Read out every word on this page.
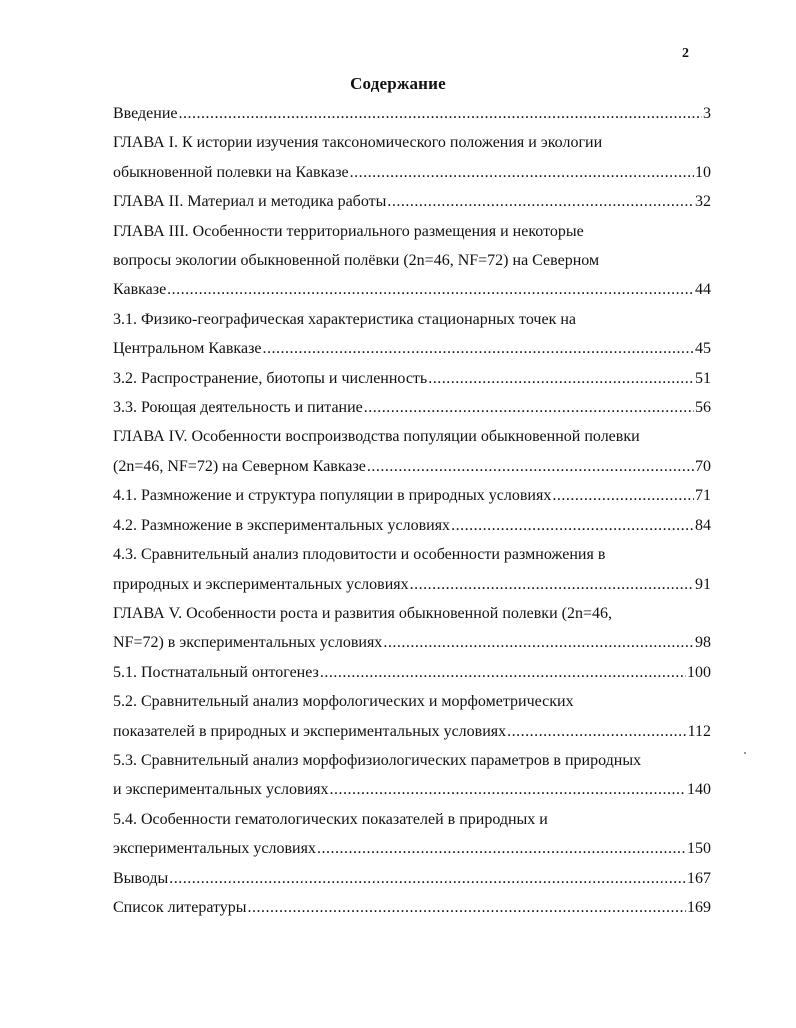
2
Содержание
Введение .....	3
ГЛАВА I. К истории изучения таксономического положения и экологии
обыкновенной полевки на Кавказе .....	10
ГЛАВА II. Материал и методика работы .....	32
ГЛАВА III. Особенности территориального размещения и некоторые
вопросы экологии обыкновенной полёвки (2n=46, NF=72) на Северном
Кавказе .....	44
3.1. Физико-географическая характеристика стационарных точек на
Центральном Кавказе .....	45
3.2. Распространение, биотопы и численность .....	51
3.3. Роющая деятельность и питание .....	56
ГЛАВА IV. Особенности воспроизводства популяции обыкновенной полевки
(2n=46, NF=72) на Северном Кавказе .....	70
4.1. Размножение и структура популяции в природных условиях .....	71
4.2. Размножение в экспериментальных условиях .....	84
4.3. Сравнительный анализ плодовитости и особенности размножения в
природных и экспериментальных условиях .....	91
ГЛАВА V. Особенности роста и развития обыкновенной полевки (2n=46,
NF=72) в экспериментальных условиях .....	98
5.1. Постнатальный онтогенез .....	100
5.2. Сравнительный анализ морфологических и морфометрических
показателей в природных и экспериментальных условиях .....	112
5.3. Сравнительный анализ морфофизиологических параметров в природных
и экспериментальных условиях .....	140
5.4. Особенности гематологических показателей в природных и
экспериментальных условиях .....	150
Выводы .....	167
Список литературы .....	169
